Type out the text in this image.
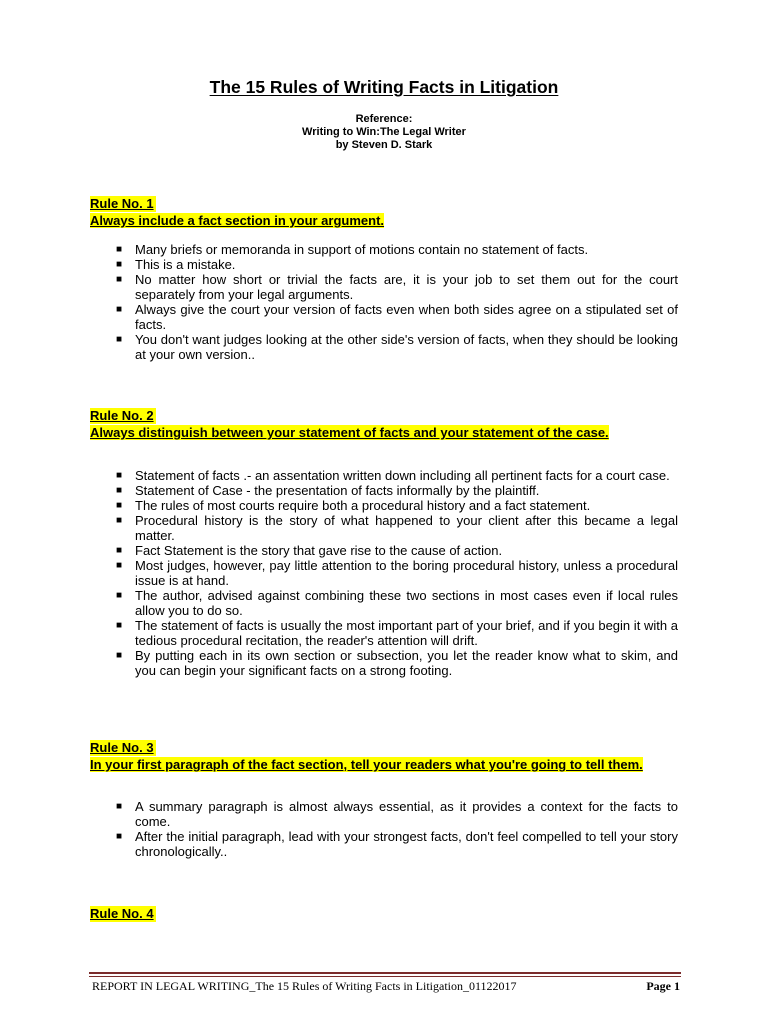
The 15 Rules of Writing Facts in Litigation
Reference:
Writing to Win:The Legal Writer
by Steven D. Stark
Rule No. 1
Always include a fact section in your argument.
■ Many briefs or memoranda in support of motions contain no statement of facts.
■ This is a mistake.
■ No matter how short or trivial the facts are, it is your job to set them out for the court separately from your legal arguments.
■ Always give the court your version of facts even when both sides agree on a stipulated set of facts.
■ You don't want judges looking at the other side's version of facts, when they should be looking at your own version..
Rule No. 2
Always distinguish between your statement of facts and your statement of the case.
■ Statement of facts .- an assentation written down including all pertinent facts for a court case.
■ Statement of Case - the presentation of facts informally by the plaintiff.
■ The rules of most courts require both a procedural history and a fact statement.
■ Procedural history is the story of what happened to your client after this became a legal matter.
■ Fact Statement is the story that gave rise to the cause of action.
■ Most judges, however, pay little attention to the boring procedural history, unless a procedural issue is at hand.
■ The author, advised against combining these two sections in most cases even if local rules allow you to do so.
■ The statement of facts is usually the most important part of your brief, and if you begin it with a tedious procedural recitation, the reader's attention will drift.
■ By putting each in its own section or subsection, you let the reader know what to skim, and you can begin your significant facts on a strong footing.
Rule No. 3
In your first paragraph of the fact section, tell your readers what you're going to tell them.
■ A summary paragraph is almost always essential, as it provides a context for the facts to come.
■ After the initial paragraph, lead with your strongest facts, don't feel compelled to tell your story chronologically..
Rule No. 4
REPORT IN LEGAL WRITING_The 15 Rules of Writing Facts in Litigation_01122017	Page 1
